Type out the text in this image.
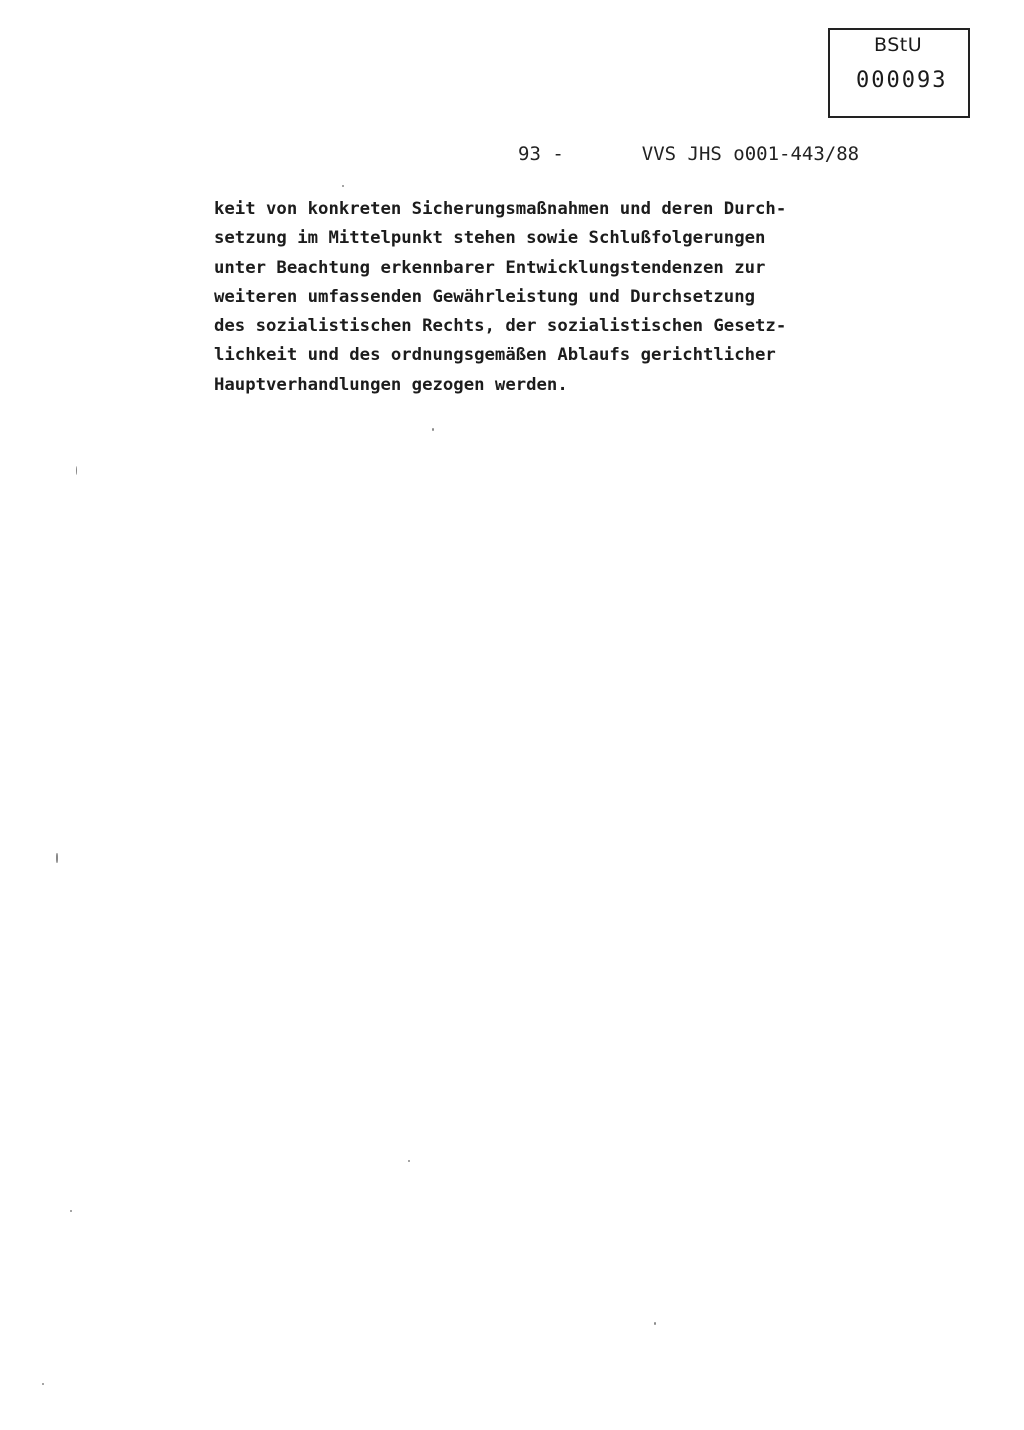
BStU
000093
93 -	VVS JHS o001-443/88
keit von konkreten Sicherungsmaßnahmen und deren Durch-
setzung im Mittelpunkt stehen sowie Schlußfolgerungen
unter Beachtung erkennbarer Entwicklungstendenzen zur
weiteren umfassenden Gewährleistung und Durchsetzung
des sozialistischen Rechts, der sozialistischen Gesetz-
lichkeit und des ordnungsgemäßen Ablaufs gerichtlicher
Hauptverhandlungen gezogen werden.
